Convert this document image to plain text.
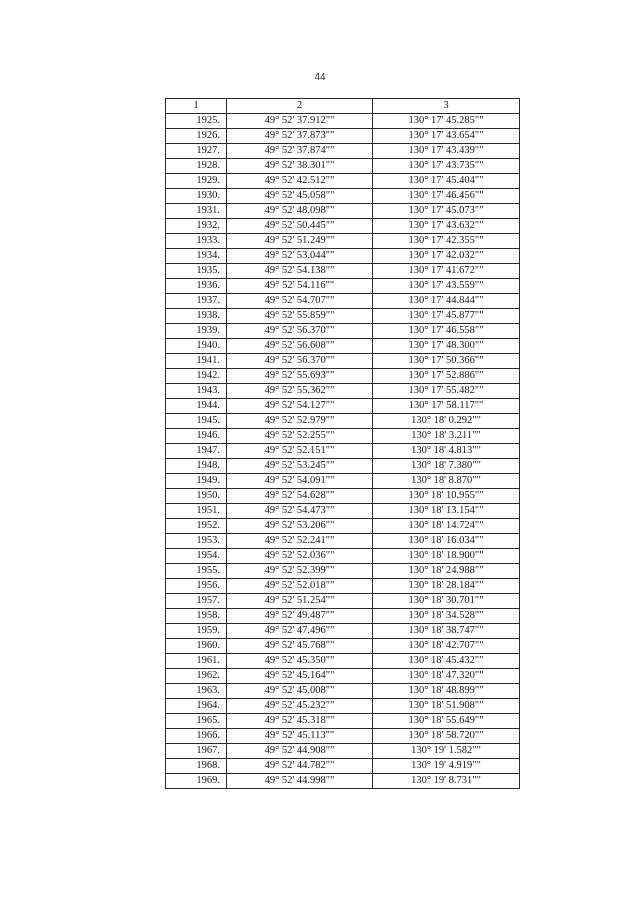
44
1	2	3
1925.	49° 52' 37.912""	130° 17' 45.285""
1926.	49° 52' 37.873""	130° 17' 43.654""
1927.	49° 52' 37.874""	130° 17' 43.439""
1928.	49° 52' 38.301""	130° 17' 43.735""
1929.	49° 52' 42.512""	130° 17' 45.404""
1930.	49° 52' 45.058""	130° 17' 46.456""
1931.	49° 52' 48.098""	130° 17' 45.073""
1932.	49° 52' 50.445""	130° 17' 43.632""
1933.	49° 52' 51.249""	130° 17' 42.355""
1934.	49° 52' 53.044""	130° 17' 42.032""
1935.	49° 52' 54.138""	130° 17' 41.672""
1936.	49° 52' 54.116""	130° 17' 43.559""
1937.	49° 52' 54.707""	130° 17' 44.844""
1938.	49° 52' 55.859""	130° 17' 45.877""
1939.	49° 52' 56.370""	130° 17' 46.558""
1940.	49° 52' 56.608""	130° 17' 48.300""
1941.	49° 52' 56.370""	130° 17' 50.366""
1942.	49° 52' 55.693""	130° 17' 52.886""
1943.	49° 52' 55.362""	130° 17' 55.482""
1944.	49° 52' 54.127""	130° 17' 58.117""
1945.	49° 52' 52.979""	130° 18' 0.292""
1946.	49° 52' 52.255""	130° 18' 3.211""
1947.	49° 52' 52.151""	130° 18' 4.813""
1948.	49° 52' 53.245""	130° 18' 7.380""
1949.	49° 52' 54.091""	130° 18' 8.870""
1950.	49° 52' 54.628""	130° 18' 10.955""
1951.	49° 52' 54.473""	130° 18' 13.154""
1952.	49° 52' 53.206""	130° 18' 14.724""
1953.	49° 52' 52.241""	130° 18' 16.034""
1954.	49° 52' 52.036""	130° 18' 18.900""
1955.	49° 52' 52.399""	130° 18' 24.988""
1956.	49° 52' 52.018""	130° 18' 28.184""
1957.	49° 52' 51.254""	130° 18' 30.701""
1958.	49° 52' 49.487""	130° 18' 34.528""
1959.	49° 52' 47.496""	130° 18' 38.747""
1960.	49° 52' 45.768""	130° 18' 42.707""
1961.	49° 52' 45.350""	130° 18' 45.432""
1962.	49° 52' 45.164""	130° 18' 47.320""
1963.	49° 52' 45.008""	130° 18' 48.899""
1964.	49° 52' 45.232""	130° 18' 51.908""
1965.	49° 52' 45.318""	130° 18' 55.649""
1966.	49° 52' 45.113""	130° 18' 58.720""
1967.	49° 52' 44.908""	130° 19' 1.582""
1968.	49° 52' 44.782""	130° 19' 4.919""
1969.	49° 52' 44.998""	130° 19' 8.731""
